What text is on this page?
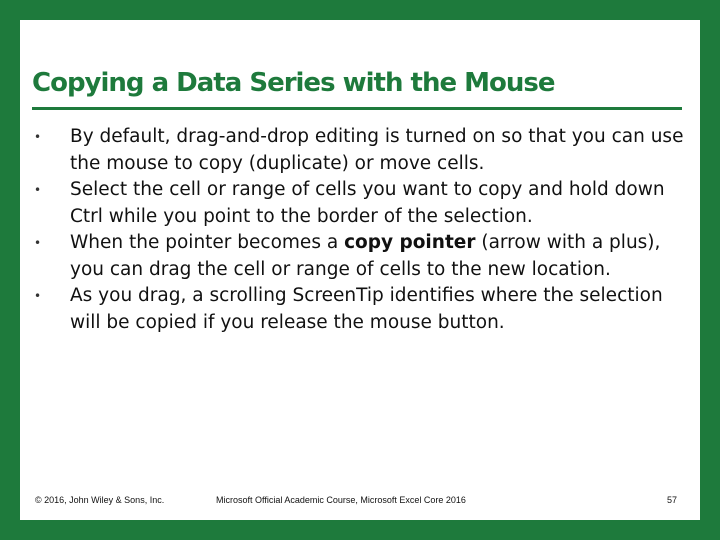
Copying a Data Series with the Mouse
•	By default, drag-and-drop editing is turned on so that you can use the mouse to copy (duplicate) or move cells.
•	Select the cell or range of cells you want to copy and hold down Ctrl while you point to the border of the selection.
•	When the pointer becomes a copy pointer (arrow with a plus), you can drag the cell or range of cells to the new location.
•	As you drag, a scrolling ScreenTip identifies where the selection will be copied if you release the mouse button.
© 2016, John Wiley & Sons, Inc.	Microsoft Official Academic Course, Microsoft Excel Core 2016	57
